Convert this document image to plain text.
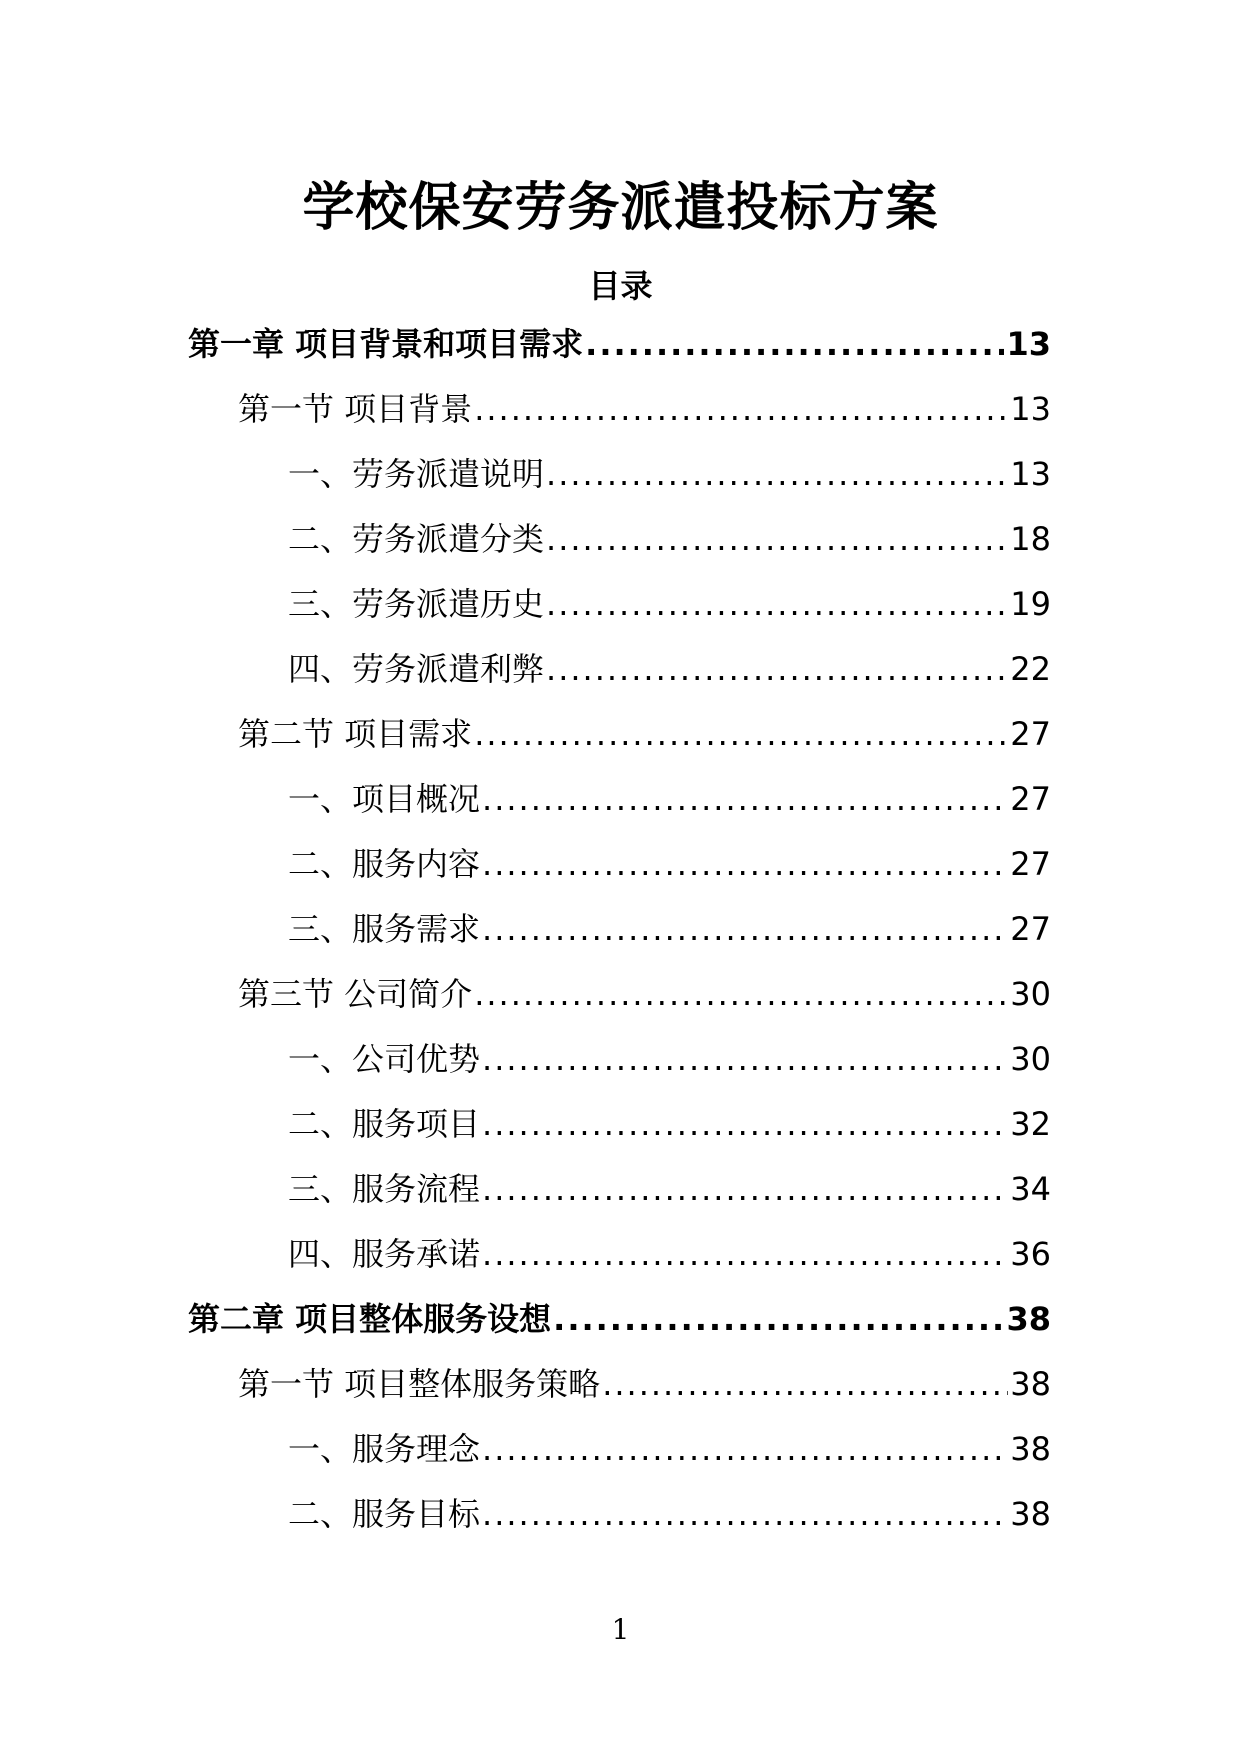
学校保安劳务派遣投标方案
目录
第一章 项目背景和项目需求 .....	13
第一节 项目背景 .....	13
一、劳务派遣说明 .....	13
二、劳务派遣分类 .....	18
三、劳务派遣历史 .....	19
四、劳务派遣利弊 .....	22
第二节 项目需求 .....	27
一、项目概况 .....	27
二、服务内容 .....	27
三、服务需求 .....	27
第三节 公司简介 .....	30
一、公司优势 .....	30
二、服务项目 .....	32
三、服务流程 .....	34
四、服务承诺 .....	36
第二章 项目整体服务设想 .....	38
第一节 项目整体服务策略 .....	38
一、服务理念 .....	38
二、服务目标 .....	38
1
